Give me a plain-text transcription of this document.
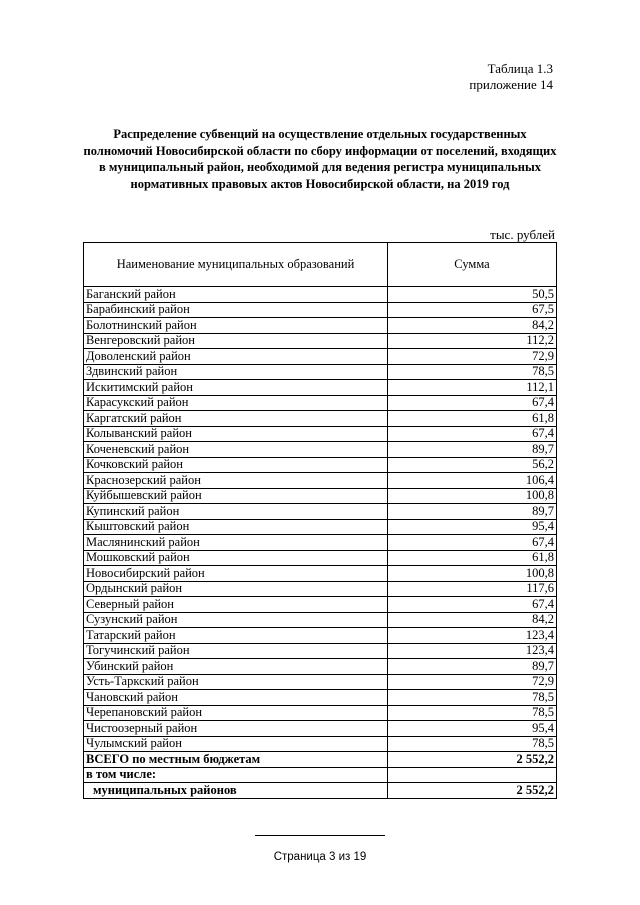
Таблица 1.3
приложение 14
Распределение субвенций на осуществление отдельных государственных полномочий Новосибирской области по сбору информации от поселений, входящих в муниципальный район, необходимой для ведения регистра муниципальных нормативных правовых актов Новосибирской области, на 2019 год
тыс. рублей
Наименование муниципальных образований	Сумма
Баганский район	50,5
Барабинский район	67,5
Болотнинский район	84,2
Венгеровский район	112,2
Доволенский район	72,9
Здвинский район	78,5
Искитимский район	112,1
Карасукский район	67,4
Каргатский район	61,8
Колыванский район	67,4
Коченевский район	89,7
Кочковский район	56,2
Краснозерский район	106,4
Куйбышевский район	100,8
Купинский район	89,7
Кыштовский район	95,4
Маслянинский район	67,4
Мошковский район	61,8
Новосибирский район	100,8
Ордынский район	117,6
Северный район	67,4
Сузунский район	84,2
Татарский район	123,4
Тогучинский район	123,4
Убинский район	89,7
Усть-Таркский район	72,9
Чановский район	78,5
Черепановский район	78,5
Чистоозерный район	95,4
Чулымский район	78,5
ВСЕГО по местным бюджетам	2 552,2
в том числе:	
муниципальных районов	2 552,2
Страница 3 из 19
